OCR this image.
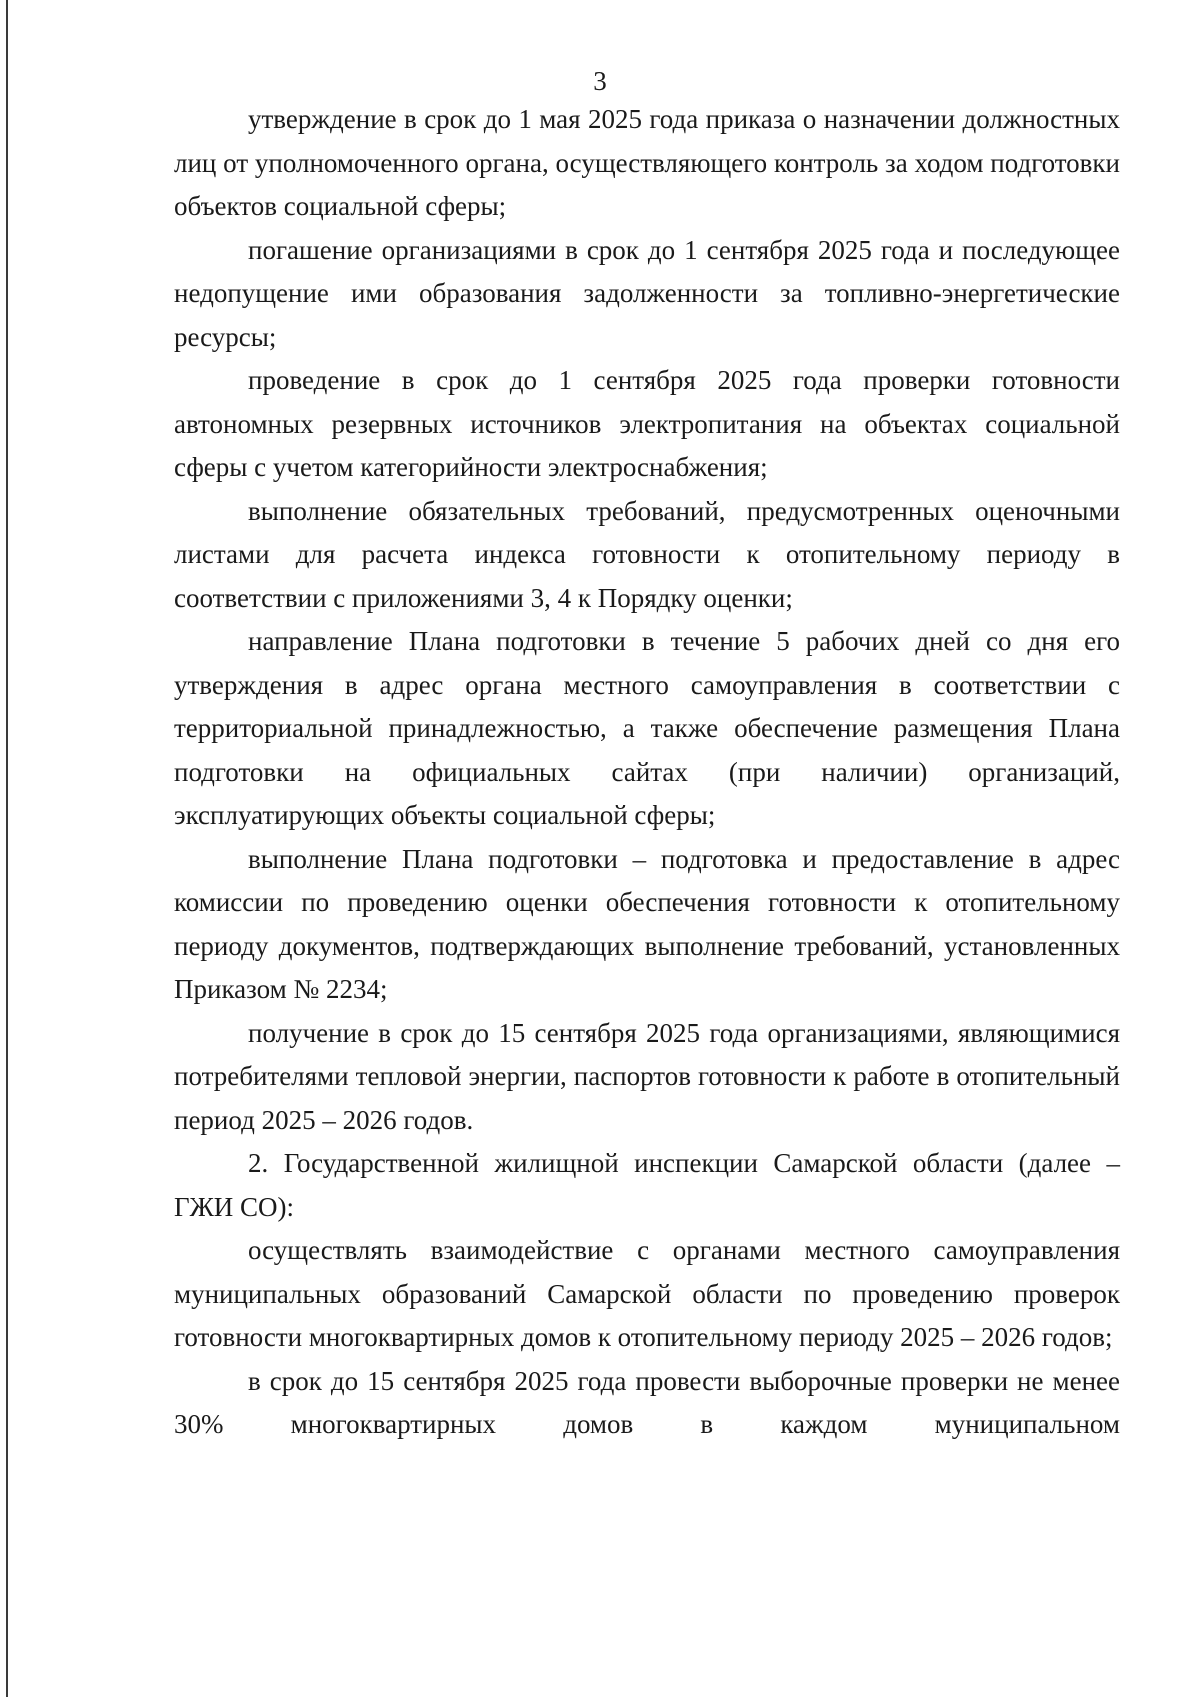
3

утверждение в срок до 1 мая 2025 года приказа о назначении должностных лиц от уполномоченного органа, осуществляющего контроль за ходом подготовки объектов социальной сферы;

погашение организациями в срок до 1 сентября 2025 года и последующее недопущение ими образования задолженности за топливно-энергетические ресурсы;

проведение в срок до 1 сентября 2025 года проверки готовности автономных резервных источников электропитания на объектах социальной сферы с учетом категорийности электроснабжения;

выполнение обязательных требований, предусмотренных оценочными листами для расчета индекса готовности к отопительному периоду в соответствии с приложениями 3, 4 к Порядку оценки;

направление Плана подготовки в течение 5 рабочих дней со дня его утверждения в адрес органа местного самоуправления в соответствии с территориальной принадлежностью, а также обеспечение размещения Плана подготовки на официальных сайтах (при наличии) организаций, эксплуатирующих объекты социальной сферы;

выполнение Плана подготовки – подготовка и предоставление в адрес комиссии по проведению оценки обеспечения готовности к отопительному периоду документов, подтверждающих выполнение требований, установленных Приказом № 2234;

получение в срок до 15 сентября 2025 года организациями, являющимися потребителями тепловой энергии, паспортов готовности к работе в отопительный период 2025 – 2026 годов.

2. Государственной жилищной инспекции Самарской области (далее – ГЖИ СО):

осуществлять взаимодействие с органами местного самоуправления муниципальных образований Самарской области по проведению проверок готовности многоквартирных домов к отопительному периоду 2025 – 2026 годов;

в срок до 15 сентября 2025 года провести выборочные проверки не менее 30% многоквартирных домов в каждом муниципальном
